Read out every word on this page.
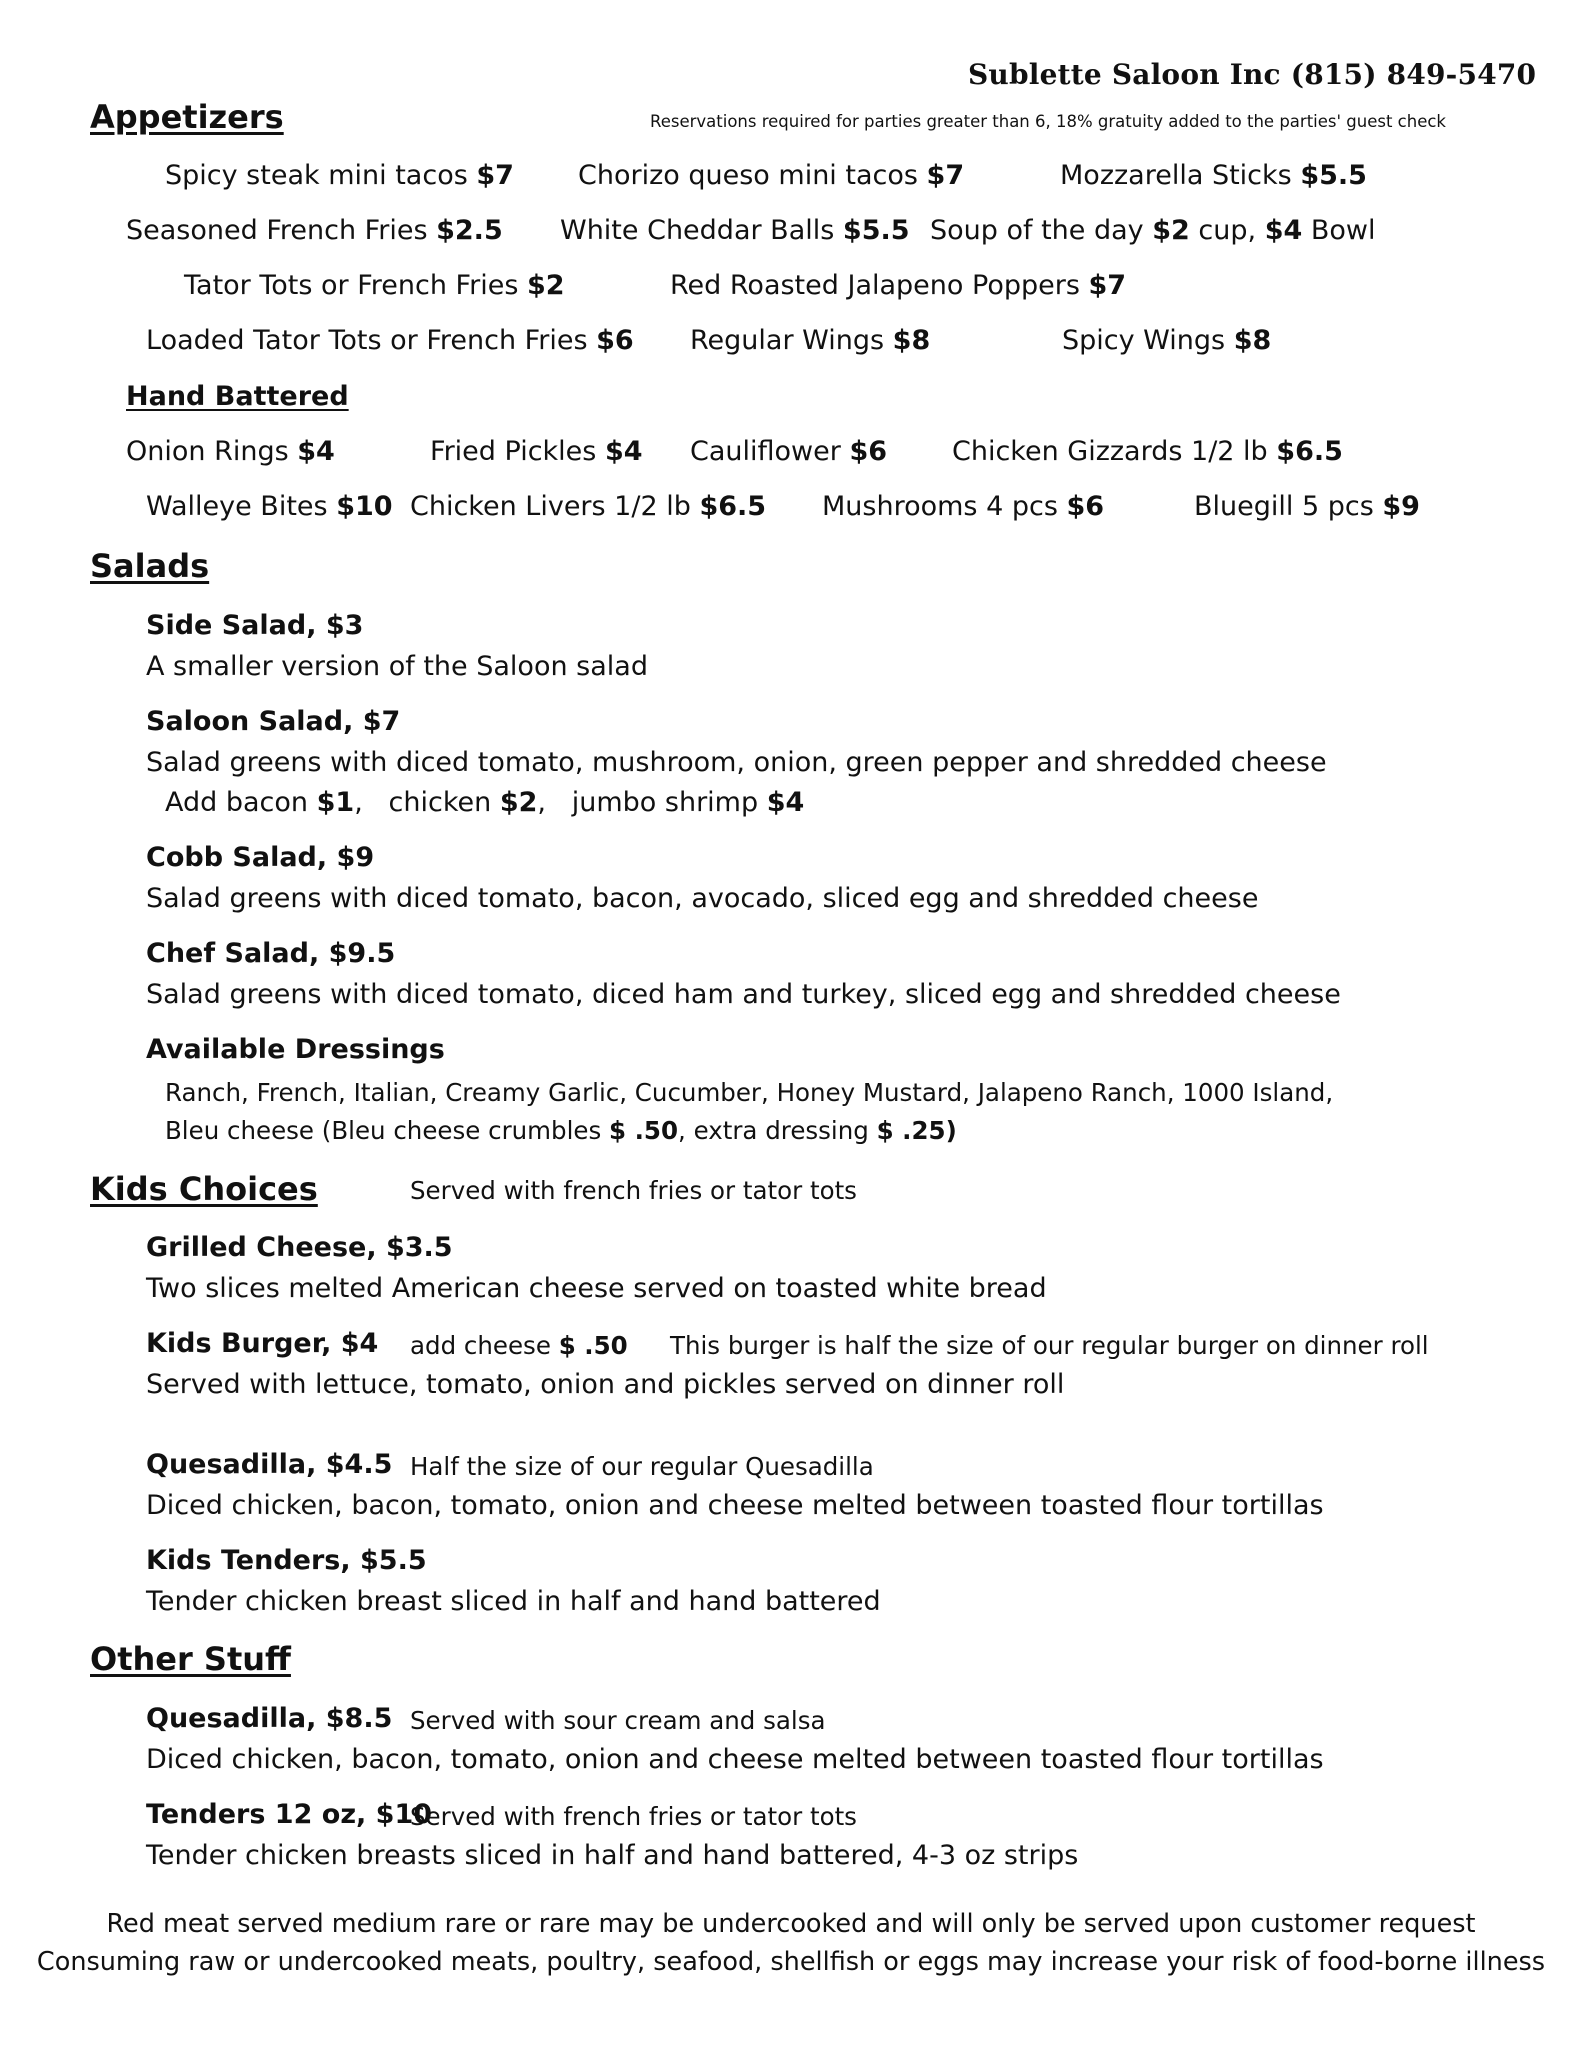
Sublette Saloon Inc (815) 849-5470
Appetizers	Reservations required for parties greater than 6, 18% gratuity added to the parties' guest check
Spicy steak mini tacos $7 Chorizo queso mini tacos $7	Mozzarella Sticks $5.5
Seasoned French Fries $2.5 White Cheddar Balls $5.5 Soup of the day $2 cup, $4 Bowl
Tator Tots or French Fries $2	Red Roasted Jalapeno Poppers $7
Loaded Tator Tots or French Fries $6 Regular Wings $8	Spicy Wings $8
Hand Battered
Onion Rings $4	Fried Pickles $4 Cauliflower $6 Chicken Gizzards 1/2 lb $6.5
Walleye Bites $10 Chicken Livers 1/2 lb $6.5 Mushrooms 4 pcs $6	Bluegill 5 pcs $9
Salads
Side Salad, $3
A smaller version of the Saloon salad
Saloon Salad, $7
Salad greens with diced tomato, mushroom, onion, green pepper and shredded cheese
Add bacon $1,   chicken $2,   jumbo shrimp $4
Cobb Salad, $9
Salad greens with diced tomato, bacon, avocado, sliced egg and shredded cheese
Chef Salad, $9.5
Salad greens with diced tomato, diced ham and turkey, sliced egg and shredded cheese
Available Dressings
Ranch, French, Italian, Creamy Garlic, Cucumber, Honey Mustard, Jalapeno Ranch, 1000 Island,
Bleu cheese (Bleu cheese crumbles $ .50, extra dressing $ .25)
Kids Choices	Served with french fries or tator tots
Grilled Cheese, $3.5
Two slices melted American cheese served on toasted white bread
Kids Burger, $4 add cheese $ .50 This burger is half the size of our regular burger on dinner roll
Served with lettuce, tomato, onion and pickles served on dinner roll
Quesadilla, $4.5 Half the size of our regular Quesadilla
Diced chicken, bacon, tomato, onion and cheese melted between toasted flour tortillas
Kids Tenders, $5.5
Tender chicken breast sliced in half and hand battered
Other Stuff
Quesadilla, $8.5 Served with sour cream and salsa
Diced chicken, bacon, tomato, onion and cheese melted between toasted flour tortillas
Tenders 12 oz, $10
Served with french fries or tator tots
Tender chicken breasts sliced in half and hand battered, 4-3 oz strips
Red meat served medium rare or rare may be undercooked and will only be served upon customer request
Consuming raw or undercooked meats, poultry, seafood, shellfish or eggs may increase your risk of food-borne illness
